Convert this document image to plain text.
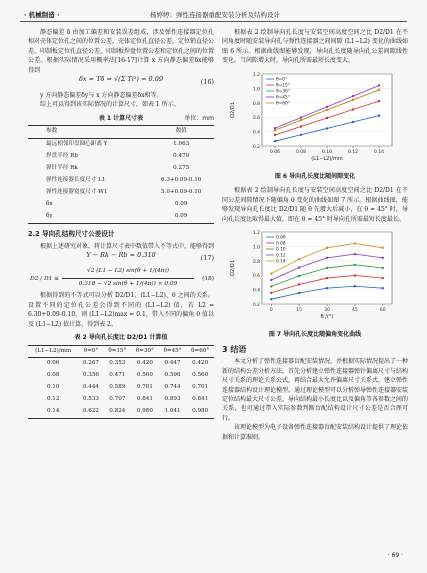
· 机械制造 ·	杨婷婷：弹性连接器重配安装分析及结构设计

静态偏差 δ 由加工偏差和安装误差组成，涉及弹性连接器定位孔相对壳体定位孔之间的位置公差，壳体定位孔直径公差，定位销直径公差，印制板定位孔直径公差，印制板焊盘位置公差和定位孔之间的位置公差。根据实际情况采用概率法[16-17]计算 x 方向静态偏差δx能够得到

δx = Tδ = √(Σ Ti²) = 0.09	(16)

y 方向静态偏差δy与 x 方向静态偏差δx相等。

综上可以得到该实际情况的计算尺寸，如表 1 所示。

表 1 计算尺寸表	单位：mm
参数	数值
最远相邻印盘圆心距离 Y	1.063
焊盘半径 Rb	0.470
弹针半径 Rk	0.275
弹性连接器长度尺寸 L1	6.3+0.09-0.10
弹性连接器宽度尺寸 W1	5.0+0.09-0.10
δx	0.09
δy	0.09
2.2 导向孔结构尺寸公差设计

根据上述研究对象，将计算尺寸表中数值带入不等式中，能够得到

Y − Rk − Rb ≈ 0.318	(17)
$D2 / D1 \le \frac{√2 (L1 - L2) \sin(\theta + 1/(4\pi))}{0.318 - √2 \sin(\theta + 1/(4\pi)) \times 0.09} (18)$

根据得到的不等式可以分析 D2/D1、(L1−L2)、θ 之间的关系。设置不同的定位孔公差会得到不同的 (L1−L2) 值，若 L2 = 6.30+0.09-0.10，则 (L1−L2)max = 0.1，带入不同的偏角 θ 值以及 (L1−L2) 值计算，得到表 2。

表 2 导向孔长度比 D2/D1 计算值
(L1−L2)/mm	θ=0°	θ=15°	θ=30°	θ=45°	θ=60°
0.06	0.267	0.353	0.420	0.447	0.420
0.08	0.356	0.471	0.560	0.596	0.560
0.10	0.444	0.589	0.701	0.744	0.701
0.12	0.533	0.707	0.841	0.893	0.841
0.14	0.622	0.824	0.980	1.041	0.980

根据表 2 绘制导向孔长度与安装空间高度空间之比 D2/D1 在不同角度时随安装导向孔与弹性连接器之间间隙 (L1−L2) 变化的曲线如图 6 所示。根据曲线图能够发现，导向孔长度随导向孔公差间隙线性变化。当间隙增大时，导向孔所需最短长度变大。

0.2
0.4
0.6
0.8
1.0
1.2
0.06	0.08	0.10	0.12	0.14
(L1−L2)/mm
D2/D1
θ=0°
θ=15°
θ=30°
θ=45°
θ=60°
图 6 导向孔长度比随间隙变化

根据表 2 绘制导向孔长度与安装空间高度空间之比 D2/D1 在不同公差间隙情况下随偏角 θ 变化的曲线如图 7 所示。根据曲线图，能够发现导向孔长度比 D2/D1 随 θ 先增大后减小，在 θ = 45° 时，导向孔长度比取得最大值，即在 θ = 45° 时导向孔所需最短长度最长。

0.2
0.4
0.6
0.8
1.0
1.2
0	15	30	45	60
θ /(°)
D2/D1
0.06
0.08
0.10
0.12
0.14
图 7 导向孔长度比随偏角变化曲线
3 结语

本文分析了弹性连接器盲配安装情况，并根据实际情况提出了一种新的结构公差分析方法。首先分析建立弹性连接器弹针偏离尺寸与结构尺寸关系的理论关系公式，再结合最大允许偏离尺寸关系式，建立弹性连接器结构设计理论模型。通过理论模型可以分析弹导弹性连接器安装定位结构最大尺寸公差，导向结构最小长度比以及偏角等各参数之间的关系，也可通过带入实际参数判断盲配结构设计尺寸公差是否合理可行。

该理论模型为电子设备弹性连接器盲配安装结构设计提供了理论依据和计算准则。

· 69 ·
